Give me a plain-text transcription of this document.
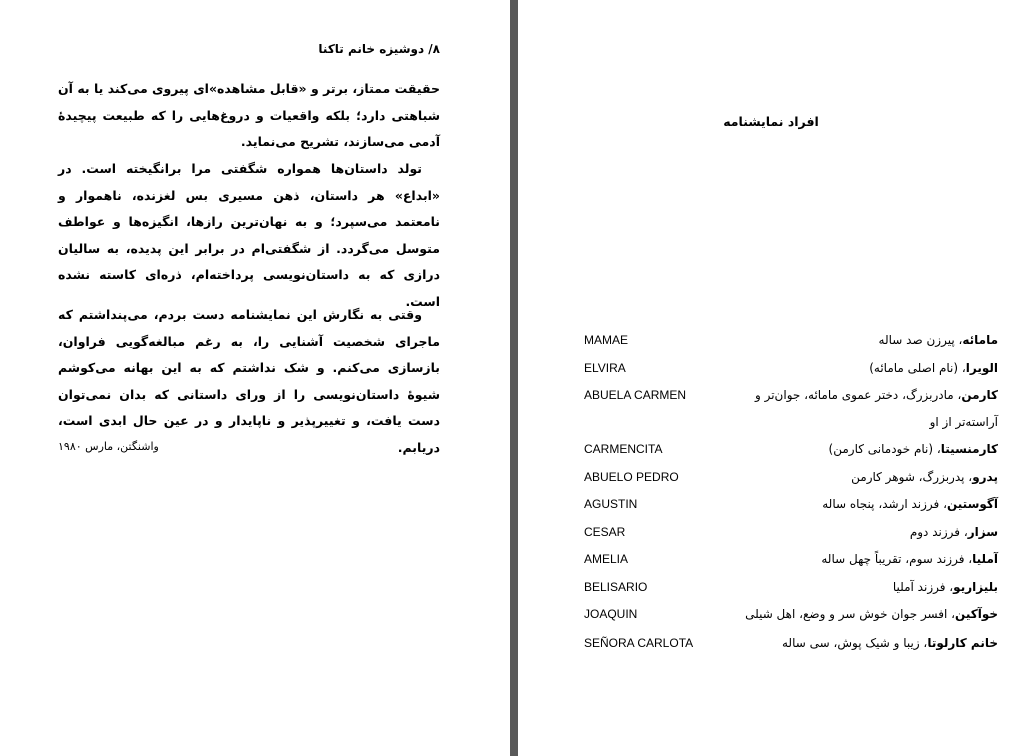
۸/ دوشیزه خانم تاکنا

حقیقت ممتاز، برتر و «قابل مشاهده»ای پیروی می‌کند یا به آن شباهتی دارد؛ بلکه واقعیات و دروغ‌هایی را که طبیعت پیچیدهٔ آدمی می‌سازند، تشریح می‌نماید.

تولد داستان‌ها همواره شگفتی مرا برانگیخته است. در «ابداع» هر داستان، ذهن مسیری بس لغزنده، ناهموار و نامعتمد می‌سپرد؛ و به نهان‌ترین رازها، انگیزه‌ها و عواطف متوسل می‌گردد. از شگفتی‌ام در برابر این پدیده، به سالیان درازی که به داستان‌نویسی پرداخته‌ام، ذره‌ای کاسته نشده است.

وقتی به نگارش این نمایشنامه دست بردم، می‌پنداشتم که ماجرای شخصیت آشنایی را، به رغم مبالغه‌گویی فراوان، بازسازی می‌کنم. و شک نداشتم که به این بهانه می‌کوشم شیوهٔ داستان‌نویسی را از ورای داستانی که بدان نمی‌توان دست یافت، و تغییرپذیر و ناپایدار و در عین حال ابدی است، دریابم.

واشنگتن، مارس ۱۹۸۰
افراد نمایشنامه
MAMAE	مامائه، پیرزن صد ساله
ELVIRA	الویرا، (نام اصلی مامائه)
ABUELA CARMEN	کارمن، مادربزرگ، دختر عموی مامائه، جوان‌تر و
آراسته‌تر از او
CARMENCITA	کارمنسیتا، (نام خودمانی کارمن)
ABUELO PEDRO	پدرو، پدربزرگ، شوهر کارمن
AGUSTIN	آگوستین، فرزند ارشد، پنجاه ساله
CESAR	سزار، فرزند دوم
AMELIA	آملیا، فرزند سوم، تقریباً چهل ساله
BELISARIO	بلیزاریو، فرزند آملیا
JOAQUIN	خوآکین، افسر جوان خوش سر و وضع، اهل شیلی
SEÑORA CARLOTA	خانم کارلوتا، زیبا و شیک پوش، سی ساله
